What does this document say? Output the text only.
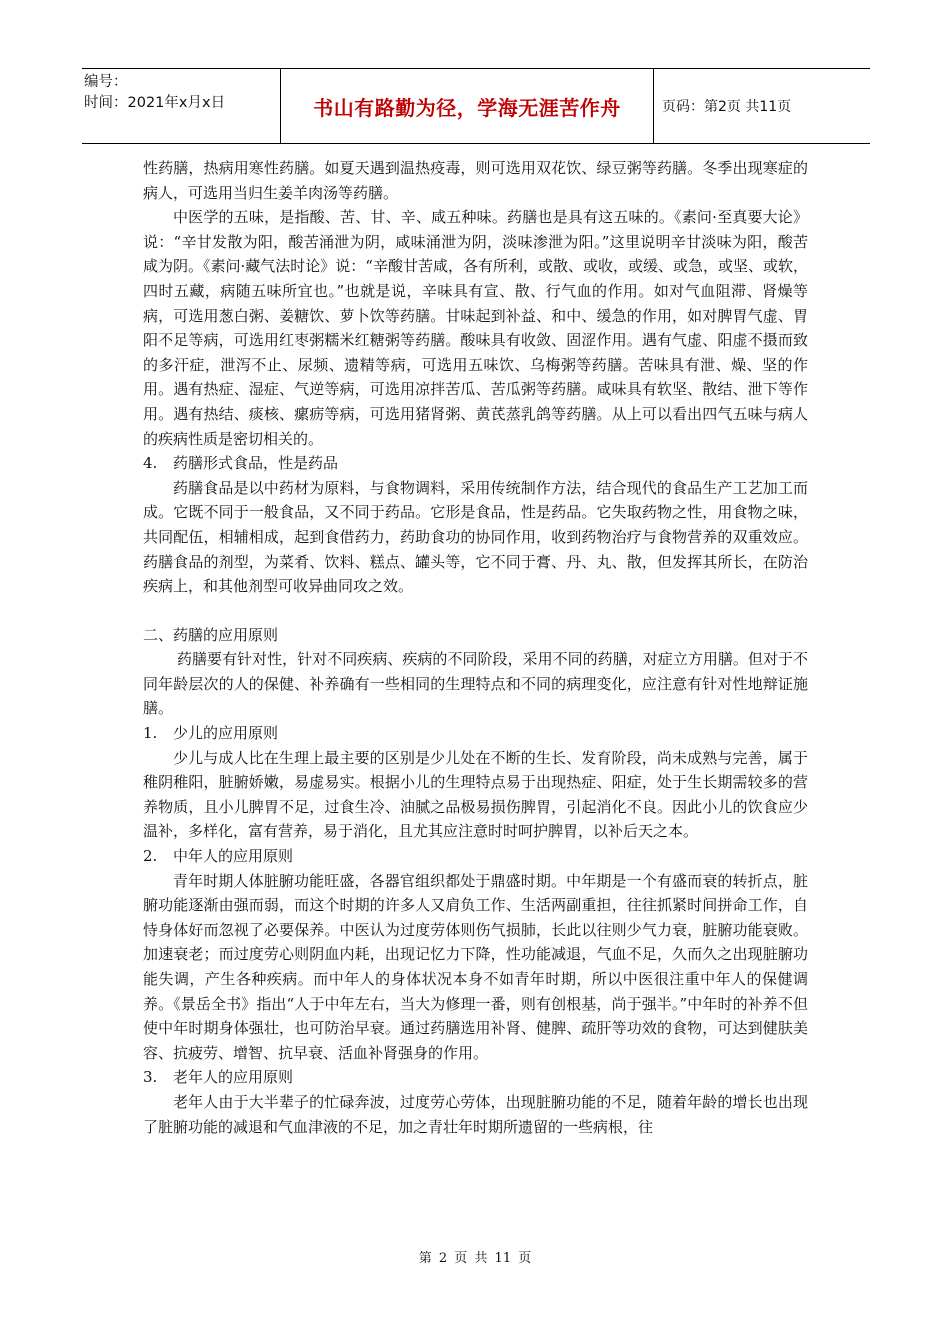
编号：
时间：2021年x月x日	书山有路勤为径，学海无涯苦作舟	页码：第2页 共11页

性药膳，热病用寒性药膳。如夏天遇到温热疫毒，则可选用双花饮、绿豆粥等药膳。冬季出现寒症的病人，可选用当归生姜羊肉汤等药膳。

中医学的五味，是指酸、苦、甘、辛、咸五种味。药膳也是具有这五味的。《素问·至真要大论》说：“辛甘发散为阳，酸苦涌泄为阴，咸味涌泄为阴，淡味渗泄为阳。”这里说明辛甘淡味为阳，酸苦咸为阴。《素问·藏气法时论》说：“辛酸甘苦咸，各有所利，或散、或收，或缓、或急，或坚、或软，四时五藏，病随五味所宜也。”也就是说，辛味具有宣、散、行气血的作用。如对气血阻滞、肾燥等病，可选用葱白粥、姜糖饮、萝卜饮等药膳。甘味起到补益、和中、缓急的作用，如对脾胃气虚、胃阳不足等病，可选用红枣粥糯米红糖粥等药膳。酸味具有收敛、固涩作用。遇有气虚、阳虚不摄而致的多汗症，泄泻不止、尿频、遗精等病，可选用五味饮、乌梅粥等药膳。苦味具有泄、燥、坚的作用。遇有热症、湿症、气逆等病，可选用凉拌苦瓜、苦瓜粥等药膳。咸味具有软坚、散结、泄下等作用。遇有热结、痰核、瘰疬等病，可选用猪肾粥、黄芪蒸乳鸽等药膳。从上可以看出四气五味与病人的疾病性质是密切相关的。

4.	药膳形式食品，性是药品

药膳食品是以中药材为原料，与食物调料，采用传统制作方法，结合现代的食品生产工艺加工而成。它既不同于一般食品，又不同于药品。它形是食品，性是药品。它失取药物之性，用食物之味，共同配伍，相辅相成，起到食借药力，药助食功的协同作用，收到药物治疗与食物营养的双重效应。药膳食品的剂型，为菜肴、饮料、糕点、罐头等，它不同于膏、丹、丸、散，但发挥其所长，在防治疾病上，和其他剂型可收异曲同攻之效。

二、药膳的应用原则

药膳要有针对性，针对不同疾病、疾病的不同阶段，采用不同的药膳，对症立方用膳。但对于不同年龄层次的人的保健、补养确有一些相同的生理特点和不同的病理变化，应注意有针对性地辩证施膳。

1.	少儿的应用原则

少儿与成人比在生理上最主要的区别是少儿处在不断的生长、发育阶段，尚未成熟与完善，属于稚阴稚阳，脏腑娇嫩，易虚易实。根据小儿的生理特点易于出现热症、阳症，处于生长期需较多的营养物质，且小儿脾胃不足，过食生冷、油腻之品极易损伤脾胃，引起消化不良。因此小儿的饮食应少温补，多样化，富有营养，易于消化，且尤其应注意时时呵护脾胃，以补后天之本。

2.	中年人的应用原则

青年时期人体脏腑功能旺盛，各器官组织都处于鼎盛时期。中年期是一个有盛而衰的转折点，脏腑功能逐渐由强而弱，而这个时期的许多人又肩负工作、生活两副重担，往往抓紧时间拼命工作，自恃身体好而忽视了必要保养。中医认为过度劳体则伤气损肺，长此以往则少气力衰，脏腑功能衰败。加速衰老；而过度劳心则阴血内耗，出现记忆力下降，性功能减退，气血不足，久而久之出现脏腑功能失调，产生各种疾病。而中年人的身体状况本身不如青年时期，所以中医很注重中年人的保健调养。《景岳全书》指出“人于中年左右，当大为修理一番，则有创根基，尚于强半。”中年时的补养不但使中年时期身体强壮，也可防治早衰。通过药膳选用补肾、健脾、疏肝等功效的食物，可达到健肤美容、抗疲劳、增智、抗早衰、活血补肾强身的作用。

3.	老年人的应用原则

老年人由于大半辈子的忙碌奔波，过度劳心劳体，出现脏腑功能的不足，随着年龄的增长也出现了脏腑功能的减退和气血津液的不足，加之青壮年时期所遗留的一些病根，往

第 2 页 共 11 页
